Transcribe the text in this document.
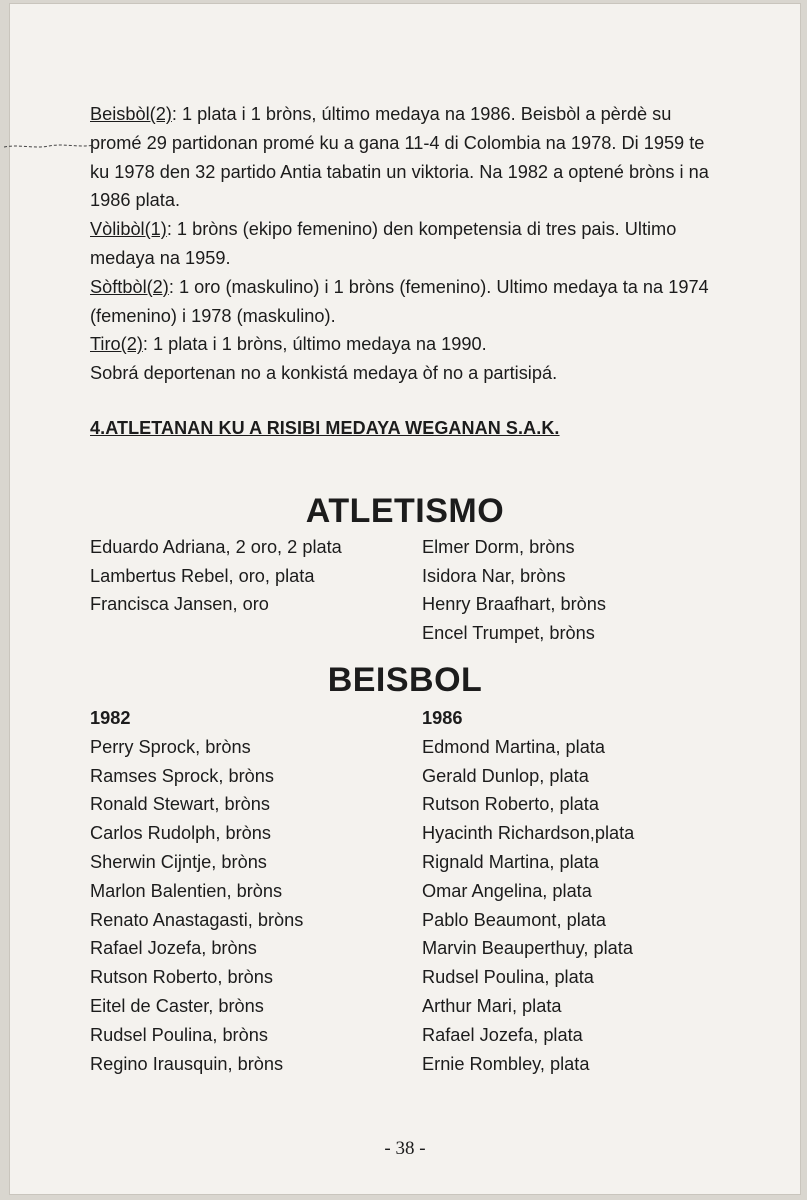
Beisbòl(2): 1 plata i 1 bròns, último medaya na 1986. Beisbòl a pèrdè su promé 29 partidonan promé ku a gana 11-4 di Colombia na 1978. Di 1959 te ku 1978 den 32 partido Antia tabatin un viktoria. Na 1982 a optené bròns i na 1986 plata.
Vòlibòl(1): 1 bròns (ekipo femenino) den kompetensia di tres pais. Ultimo medaya na 1959.
Sòftbòl(2): 1 oro (maskulino) i 1 bròns (femenino). Ultimo medaya ta na 1974 (femenino) i 1978 (maskulino).
Tiro(2): 1 plata i 1 bròns, último medaya na 1990.
Sobrá deportenan no a konkistá medaya òf no a partisipá.
4.ATLETANAN KU A RISIBI MEDAYA WEGANAN S.A.K.
ATLETISMO
Eduardo Adriana, 2 oro, 2 plata
Lambertus Rebel, oro, plata
Francisca Jansen, oro
Elmer Dorm, bròns
Isidora Nar, bròns
Henry Braafhart, bròns
Encel Trumpet, bròns
BEISBOL
1982
Perry Sprock, bròns
Ramses Sprock, bròns
Ronald Stewart, bròns
Carlos Rudolph, bròns
Sherwin Cijntje, bròns
Marlon Balentien, bròns
Renato Anastagasti, bròns
Rafael Jozefa, bròns
Rutson Roberto, bròns
Eitel de Caster, bròns
Rudsel Poulina, bròns
Regino Irausquin, bròns
1986
Edmond Martina, plata
Gerald Dunlop, plata
Rutson Roberto, plata
Hyacinth Richardson,plata
Rignald Martina, plata
Omar Angelina, plata
Pablo Beaumont, plata
Marvin Beauperthuy, plata
Rudsel Poulina, plata
Arthur Mari, plata
Rafael Jozefa, plata
Ernie Rombley, plata
- 38 -
